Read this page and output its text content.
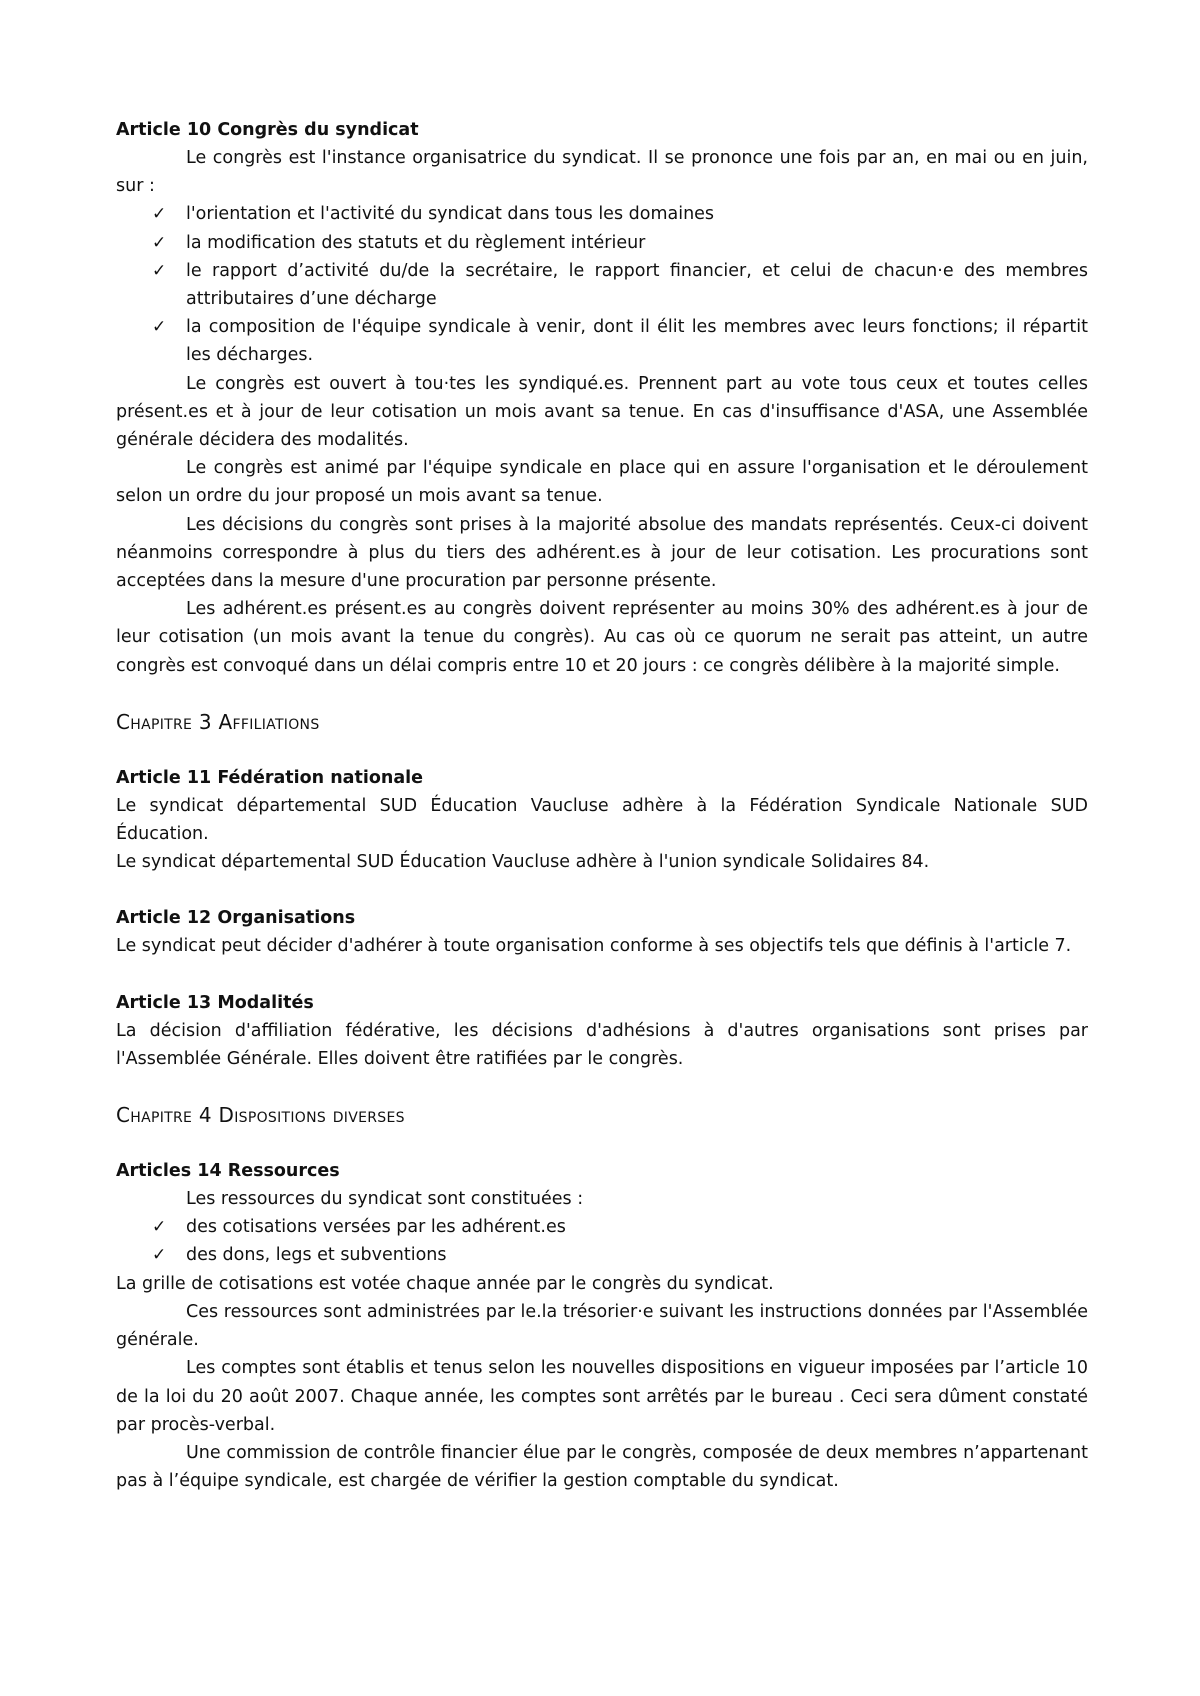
Article 10 Congrès du syndicat

Le congrès est l'instance organisatrice du syndicat. Il se prononce une fois par an, en mai ou en juin, sur :

✓ l'orientation et l'activité du syndicat dans tous les domaines
✓ la modification des statuts et du règlement intérieur
✓ le rapport d’activité du/de la secrétaire, le rapport financier, et celui de chacun·e des membres attributaires d’une décharge
✓ la composition de l'équipe syndicale à venir, dont il élit les membres avec leurs fonctions; il répartit les décharges.

Le congrès est ouvert à tou·tes les syndiqué.es. Prennent part au vote tous ceux et toutes celles présent.es et à jour de leur cotisation un mois avant sa tenue. En cas d'insuffisance d'ASA, une Assemblée générale décidera des modalités.

Le congrès est animé par l'équipe syndicale en place qui en assure l'organisation et le déroulement selon un ordre du jour proposé un mois avant sa tenue.

Les décisions du congrès sont prises à la majorité absolue des mandats représentés. Ceux-ci doivent néanmoins correspondre à plus du tiers des adhérent.es à jour de leur cotisation. Les procurations sont acceptées dans la mesure d'une procuration par personne présente.

Les adhérent.es présent.es au congrès doivent représenter au moins 30% des adhérent.es à jour de leur cotisation (un mois avant la tenue du congrès). Au cas où ce quorum ne serait pas atteint, un autre congrès est convoqué dans un délai compris entre 10 et 20 jours : ce congrès délibère à la majorité simple.

Chapitre 3 Affiliations
Article 11 Fédération nationale

Le syndicat départemental SUD Éducation Vaucluse adhère à la Fédération Syndicale Nationale SUD Éducation.

Le syndicat départemental SUD Éducation Vaucluse adhère à l'union syndicale Solidaires 84.

Article 12 Organisations

Le syndicat peut décider d'adhérer à toute organisation conforme à ses objectifs tels que définis à l'article 7.

Article 13 Modalités

La décision d'affiliation fédérative, les décisions d'adhésions à d'autres organisations sont prises par l'Assemblée Générale. Elles doivent être ratifiées par le congrès.

Chapitre 4 Dispositions diverses
Articles 14 Ressources

Les ressources du syndicat sont constituées :

✓ des cotisations versées par les adhérent.es
✓ des dons, legs et subventions

La grille de cotisations est votée chaque année par le congrès du syndicat.

Ces ressources sont administrées par le.la trésorier·e suivant les instructions données par l'Assemblée générale.

Les comptes sont établis et tenus selon les nouvelles dispositions en vigueur imposées par l’article 10 de la loi du 20 août 2007. Chaque année, les comptes sont arrêtés par le bureau . Ceci sera dûment constaté par procès-verbal.

Une commission de contrôle financier élue par le congrès, composée de deux membres n’appartenant pas à l’équipe syndicale, est chargée de vérifier la gestion comptable du syndicat.
